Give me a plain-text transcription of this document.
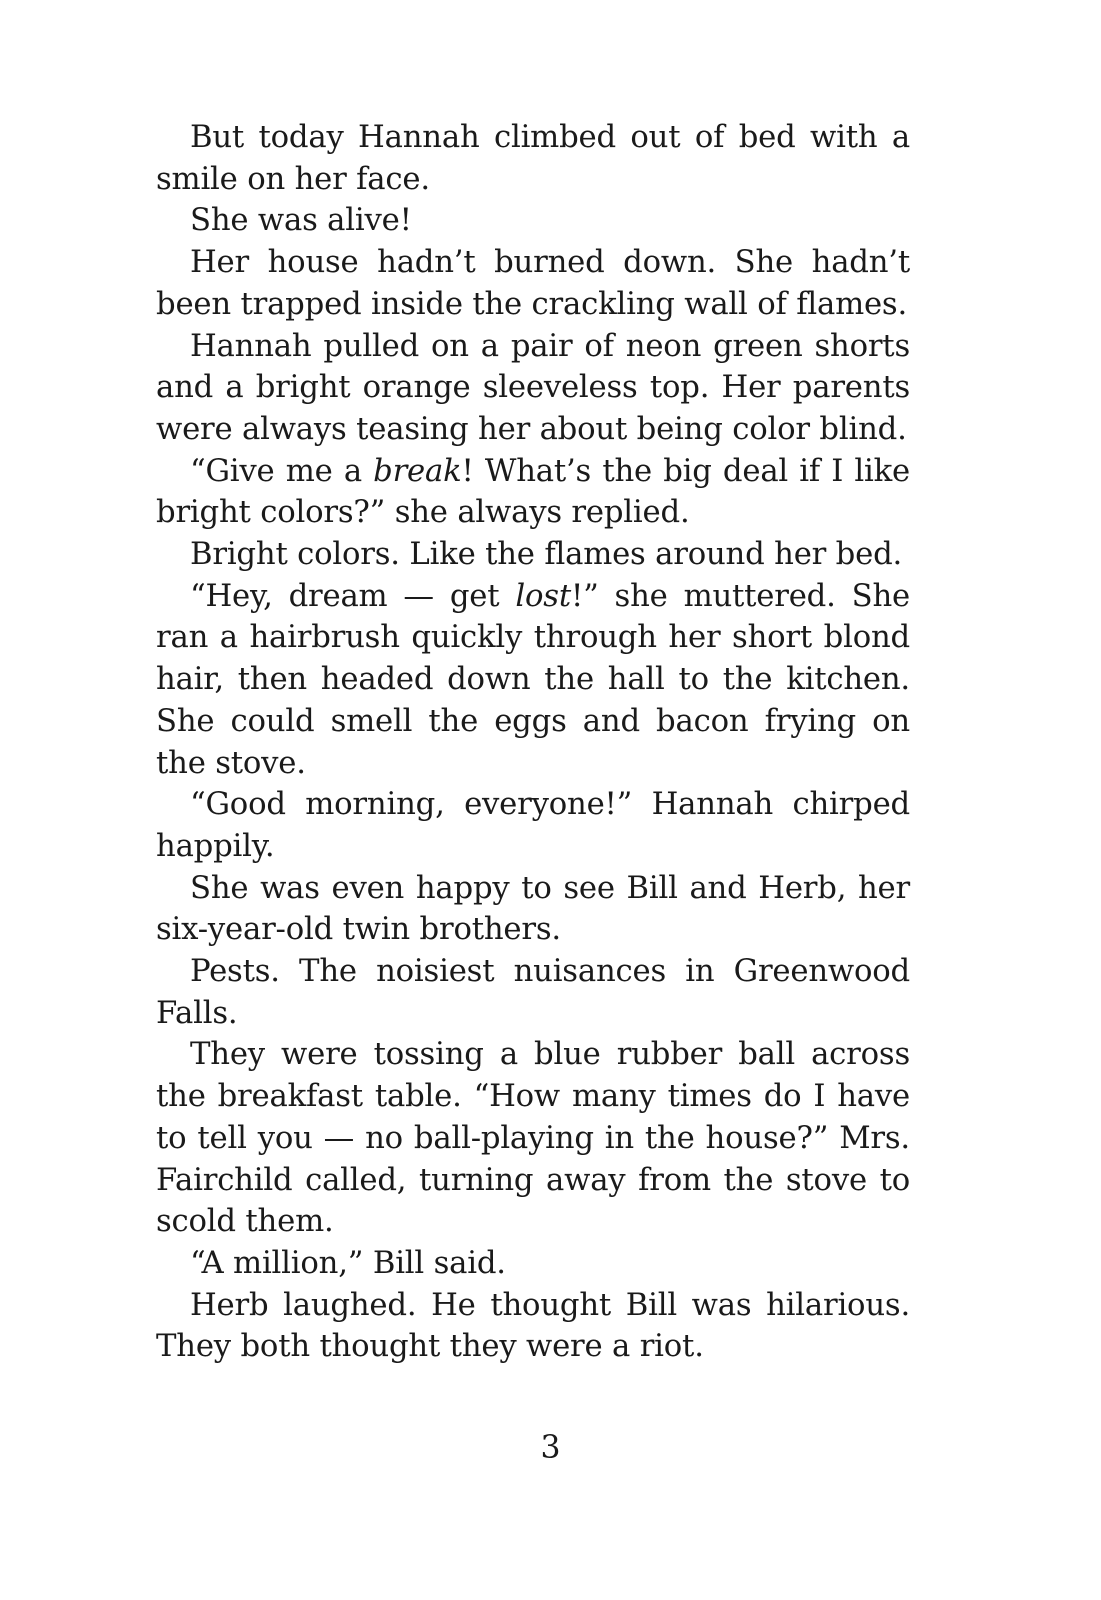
But today Hannah climbed out of bed with a smile on her face.

She was alive!

Her house hadn’t burned down. She hadn’t been trapped inside the crackling wall of flames.

Hannah pulled on a pair of neon green shorts and a bright orange sleeveless top. Her parents were always teasing her about being color blind.

“Give me a break! What’s the big deal if I like bright colors?” she always replied.

Bright colors. Like the flames around her bed.

“Hey, dream — get lost!” she muttered. She ran a hairbrush quickly through her short blond hair, then headed down the hall to the kitchen. She could smell the eggs and bacon frying on the stove.

“Good morning, everyone!” Hannah chirped happily.

She was even happy to see Bill and Herb, her six-year-old twin brothers.

Pests. The noisiest nuisances in Greenwood Falls.

They were tossing a blue rubber ball across the breakfast table. “How many times do I have to tell you — no ball-playing in the house?” Mrs. Fairchild called, turning away from the stove to scold them.

“A million,” Bill said.

Herb laughed. He thought Bill was hilarious. They both thought they were a riot.

3
